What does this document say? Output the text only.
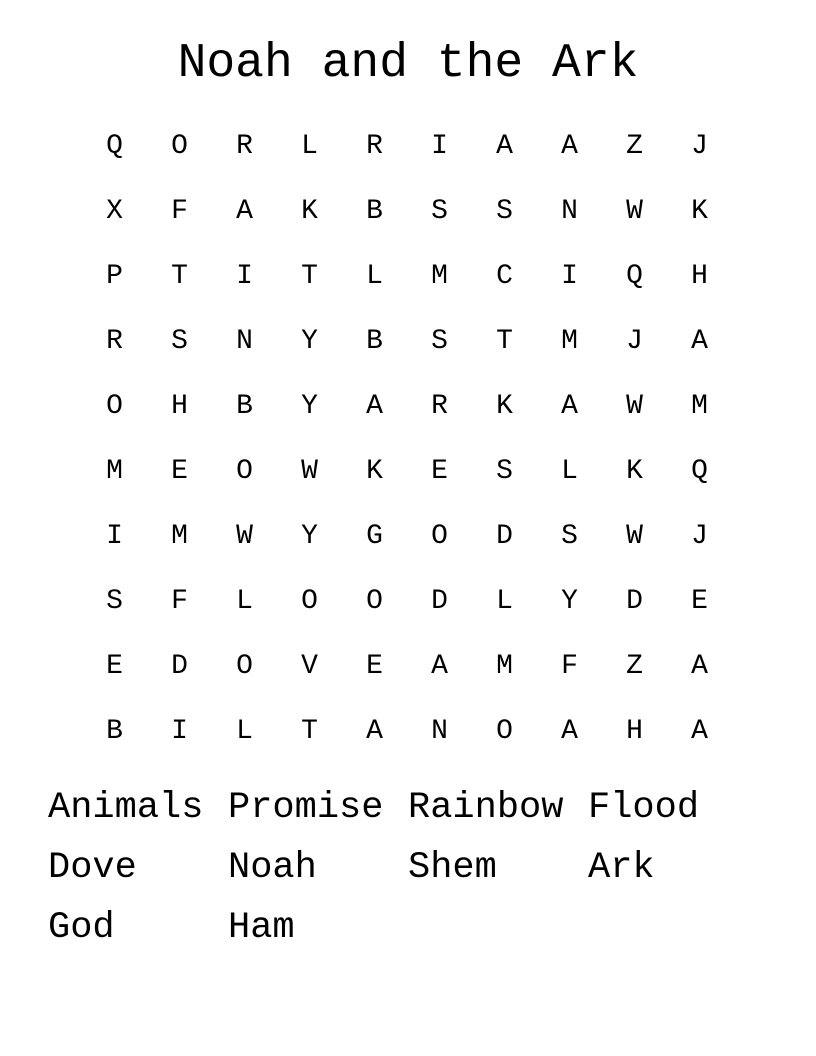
Noah and the Ark
Q	O	R	L	R	I	A	A	Z	J
X	F	A	K	B	S	S	N	W	K
P	T	I	T	L	M	C	I	Q	H
R	S	N	Y	B	S	T	M	J	A
O	H	B	Y	A	R	K	A	W	M
M	E	O	W	K	E	S	L	K	Q
I	M	W	Y	G	O	D	S	W	J
S	F	L	O	O	D	L	Y	D	E
E	D	O	V	E	A	M	F	Z	A
B	I	L	T	A	N	O	A	H	A
Animals Promise Rainbow Flood
Dove	Noah	Shem	Ark
God	Ham
